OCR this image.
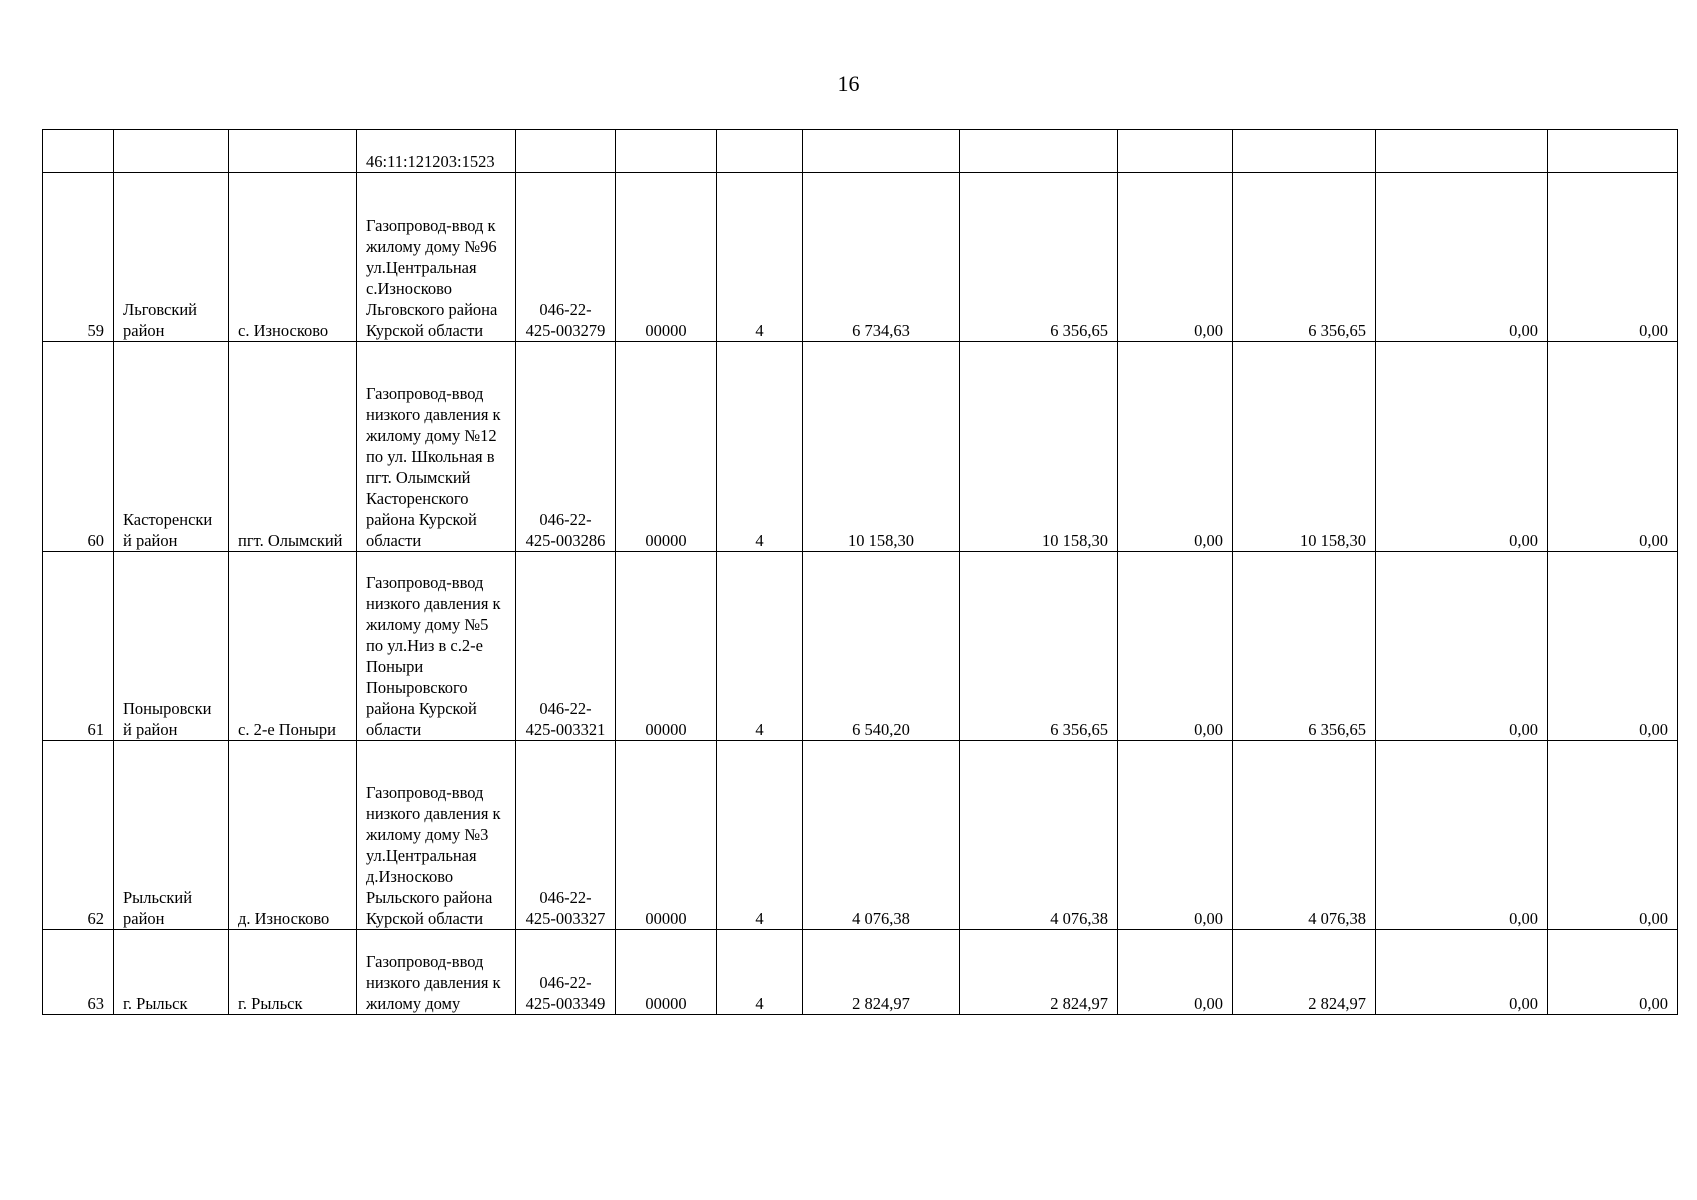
16
			46:11:121203:1523									
59	Льговский район	с. Износково	Газопровод-ввод к жилому дому №96 ул.Центральная с.Износково Льговского района Курской области	046-22-425-003279	00000	4	6 734,63	6 356,65	0,00	6 356,65	0,00	0,00
60	Касторенский район	пгт. Олымский	Газопровод-ввод низкого давления к жилому дому №12 по ул. Школьная в пгт. Олымский Касторенского района Курской области	046-22-425-003286	00000	4	10 158,30	10 158,30	0,00	10 158,30	0,00	0,00
61	Поныровский район	с. 2-е Поныри	Газопровод-ввод низкого давления к жилому дому №5 по ул.Низ в с.2-е Поныри Поныровского района Курской области	046-22-425-003321	00000	4	6 540,20	6 356,65	0,00	6 356,65	0,00	0,00
62	Рыльский район	д. Износково	Газопровод-ввод низкого давления к жилому дому №3 ул.Центральная д.Износково Рыльского района Курской области	046-22-425-003327	00000	4	4 076,38	4 076,38	0,00	4 076,38	0,00	0,00
63	г. Рыльск	г. Рыльск	Газопровод-ввод низкого давления к жилому дому	046-22-425-003349	00000	4	2 824,97	2 824,97	0,00	2 824,97	0,00	0,00
